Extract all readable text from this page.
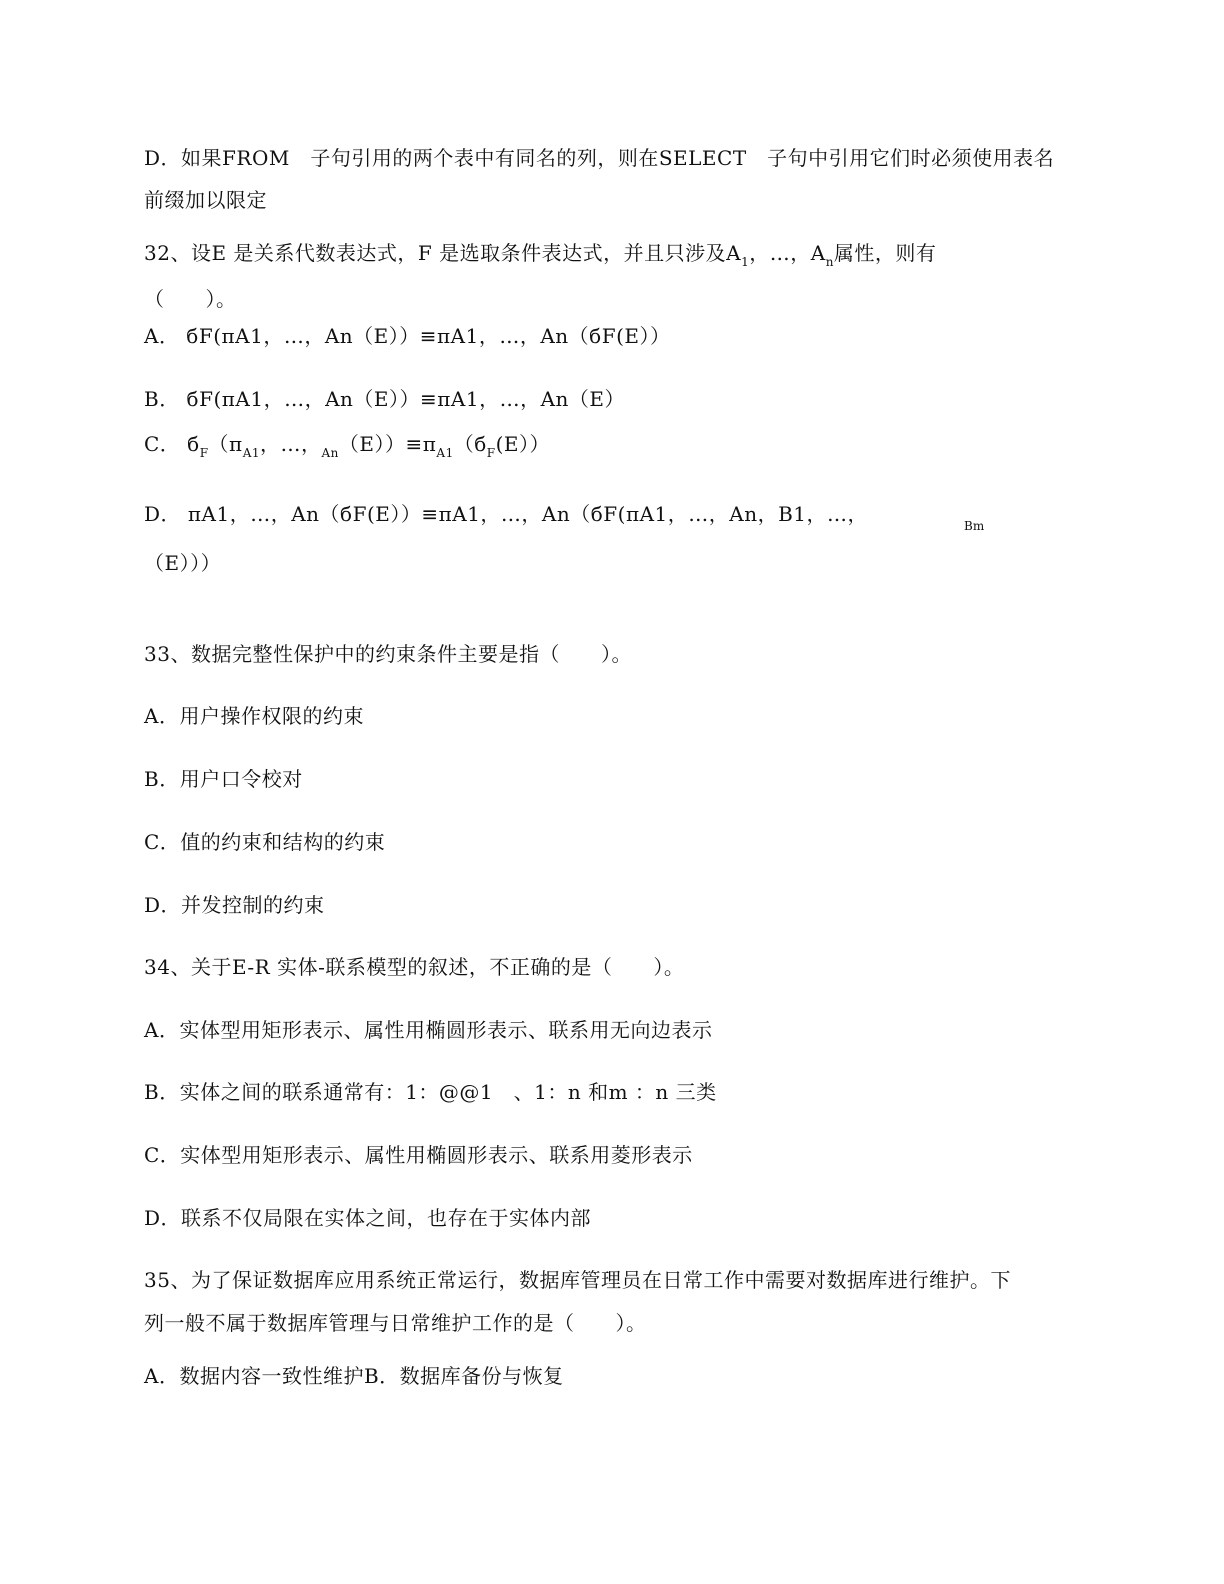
D．如果FROM　子句引用的两个表中有同名的列，则在SELECT　子句中引用它们时必须使用表名
前缀加以限定
32、设E 是关系代数表达式，F 是选取条件表达式，并且只涉及$A_1$，…，$A_n$属性，则有
（　　）。
A． бF(πA1，…，An（E））≡πA1，…，An（бF(E））
B． бF(πA1，…，An（E））≡πA1，…，An（E）
C． $б_F(\pi_{A1}$，…，$_{An}(E))\equiv\pi_{A1}(б_F(E))$
D． πA1，…，An（бF(E））≡πA1，…，An（бF(πA1，…，An，B1，…，	Bm
（E）））
33、数据完整性保护中的约束条件主要是指（　　）。
A．用户操作权限的约束
B．用户口令校对
C．值的约束和结构的约束
D．并发控制的约束
34、关于E-R 实体-联系模型的叙述，不正确的是（　　）。
A．实体型用矩形表示、属性用椭圆形表示、联系用无向边表示
B．实体之间的联系通常有：1：@@1　、1：n 和m ：n 三类
C．实体型用矩形表示、属性用椭圆形表示、联系用菱形表示
D．联系不仅局限在实体之间，也存在于实体内部
35、为了保证数据库应用系统正常运行，数据库管理员在日常工作中需要对数据库进行维护。下
列一般不属于数据库管理与日常维护工作的是（　　）。
A．数据内容一致性维护B．数据库备份与恢复
